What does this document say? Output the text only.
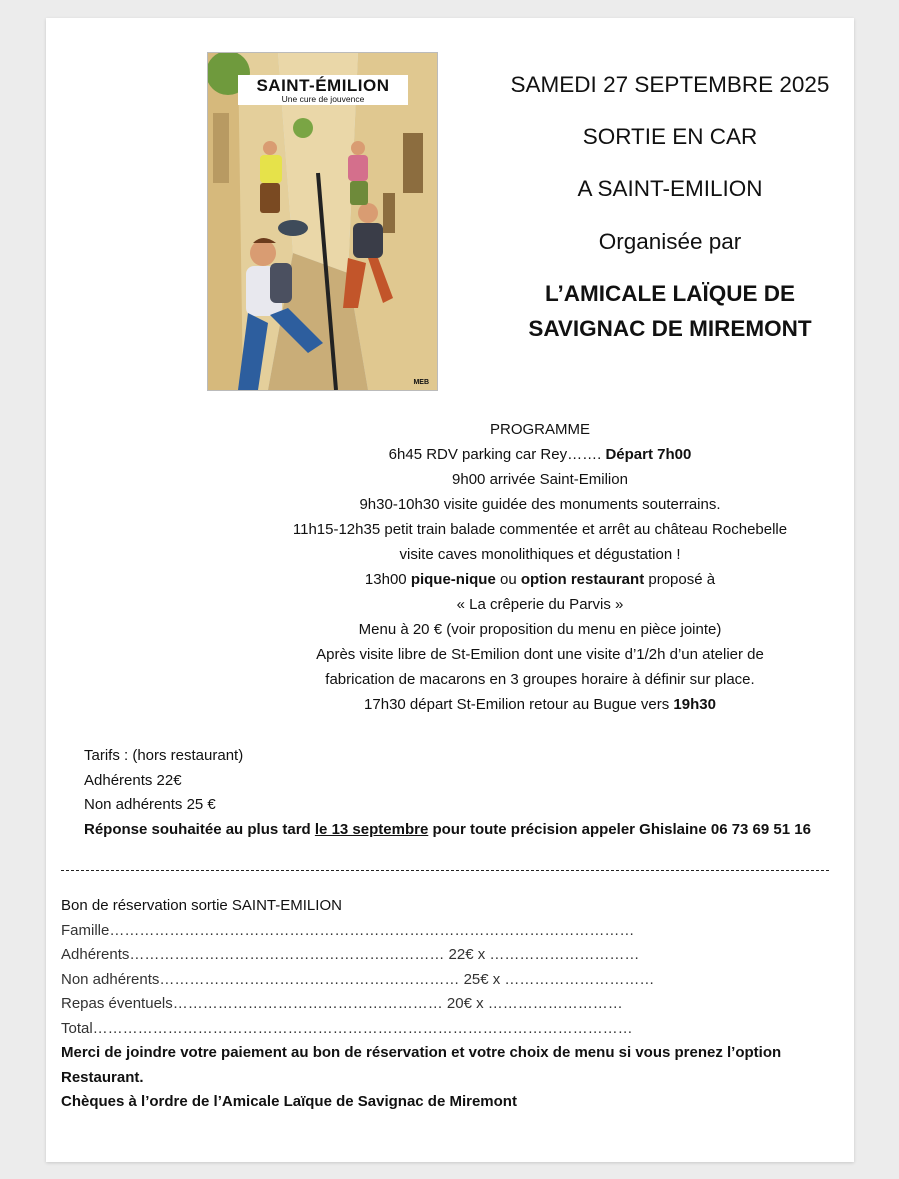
SAINT-ÉMILION
Une cure de jouvence
MEB
SAMEDI 27 SEPTEMBRE 2025
SORTIE EN CAR
A SAINT-EMILION
Organisée par
L’AMICALE LAÏQUE DE
SAVIGNAC DE MIREMONT
PROGRAMME
6h45 RDV parking car Rey……. Départ 7h00
9h00 arrivée Saint-Emilion
9h30-10h30 visite guidée des monuments souterrains.
11h15-12h35 petit train balade commentée et arrêt au château Rochebelle
visite caves monolithiques et dégustation !
13h00 pique-nique ou option restaurant proposé à
« La crêperie du Parvis »
Menu à 20 € (voir proposition du menu en pièce jointe)
Après visite libre de St-Emilion dont une visite d’1/2h d’un atelier de
fabrication de macarons en 3 groupes horaire à définir sur place.
17h30 départ St-Emilion retour au Bugue vers 19h30
Tarifs : (hors restaurant)
Adhérents 22€
Non adhérents 25 €
Réponse souhaitée au plus tard le 13 septembre pour toute précision appeler Ghislaine 06 73 69 51 16
Bon de réservation sortie SAINT-EMILION
Famille……………………………………………………………………………………………
Adhérents……………………………………………………… 22€ x …………………………
Non adhérents…………………………………………………… 25€ x …………………………
Repas éventuels……………………………………………… 20€ x ………………………
Total………………………………………………………………………………………………
Merci de joindre votre paiement au bon de réservation et votre choix de menu si vous prenez l’option
Restaurant.
Chèques à l’ordre de l’Amicale Laïque de Savignac de Miremont
